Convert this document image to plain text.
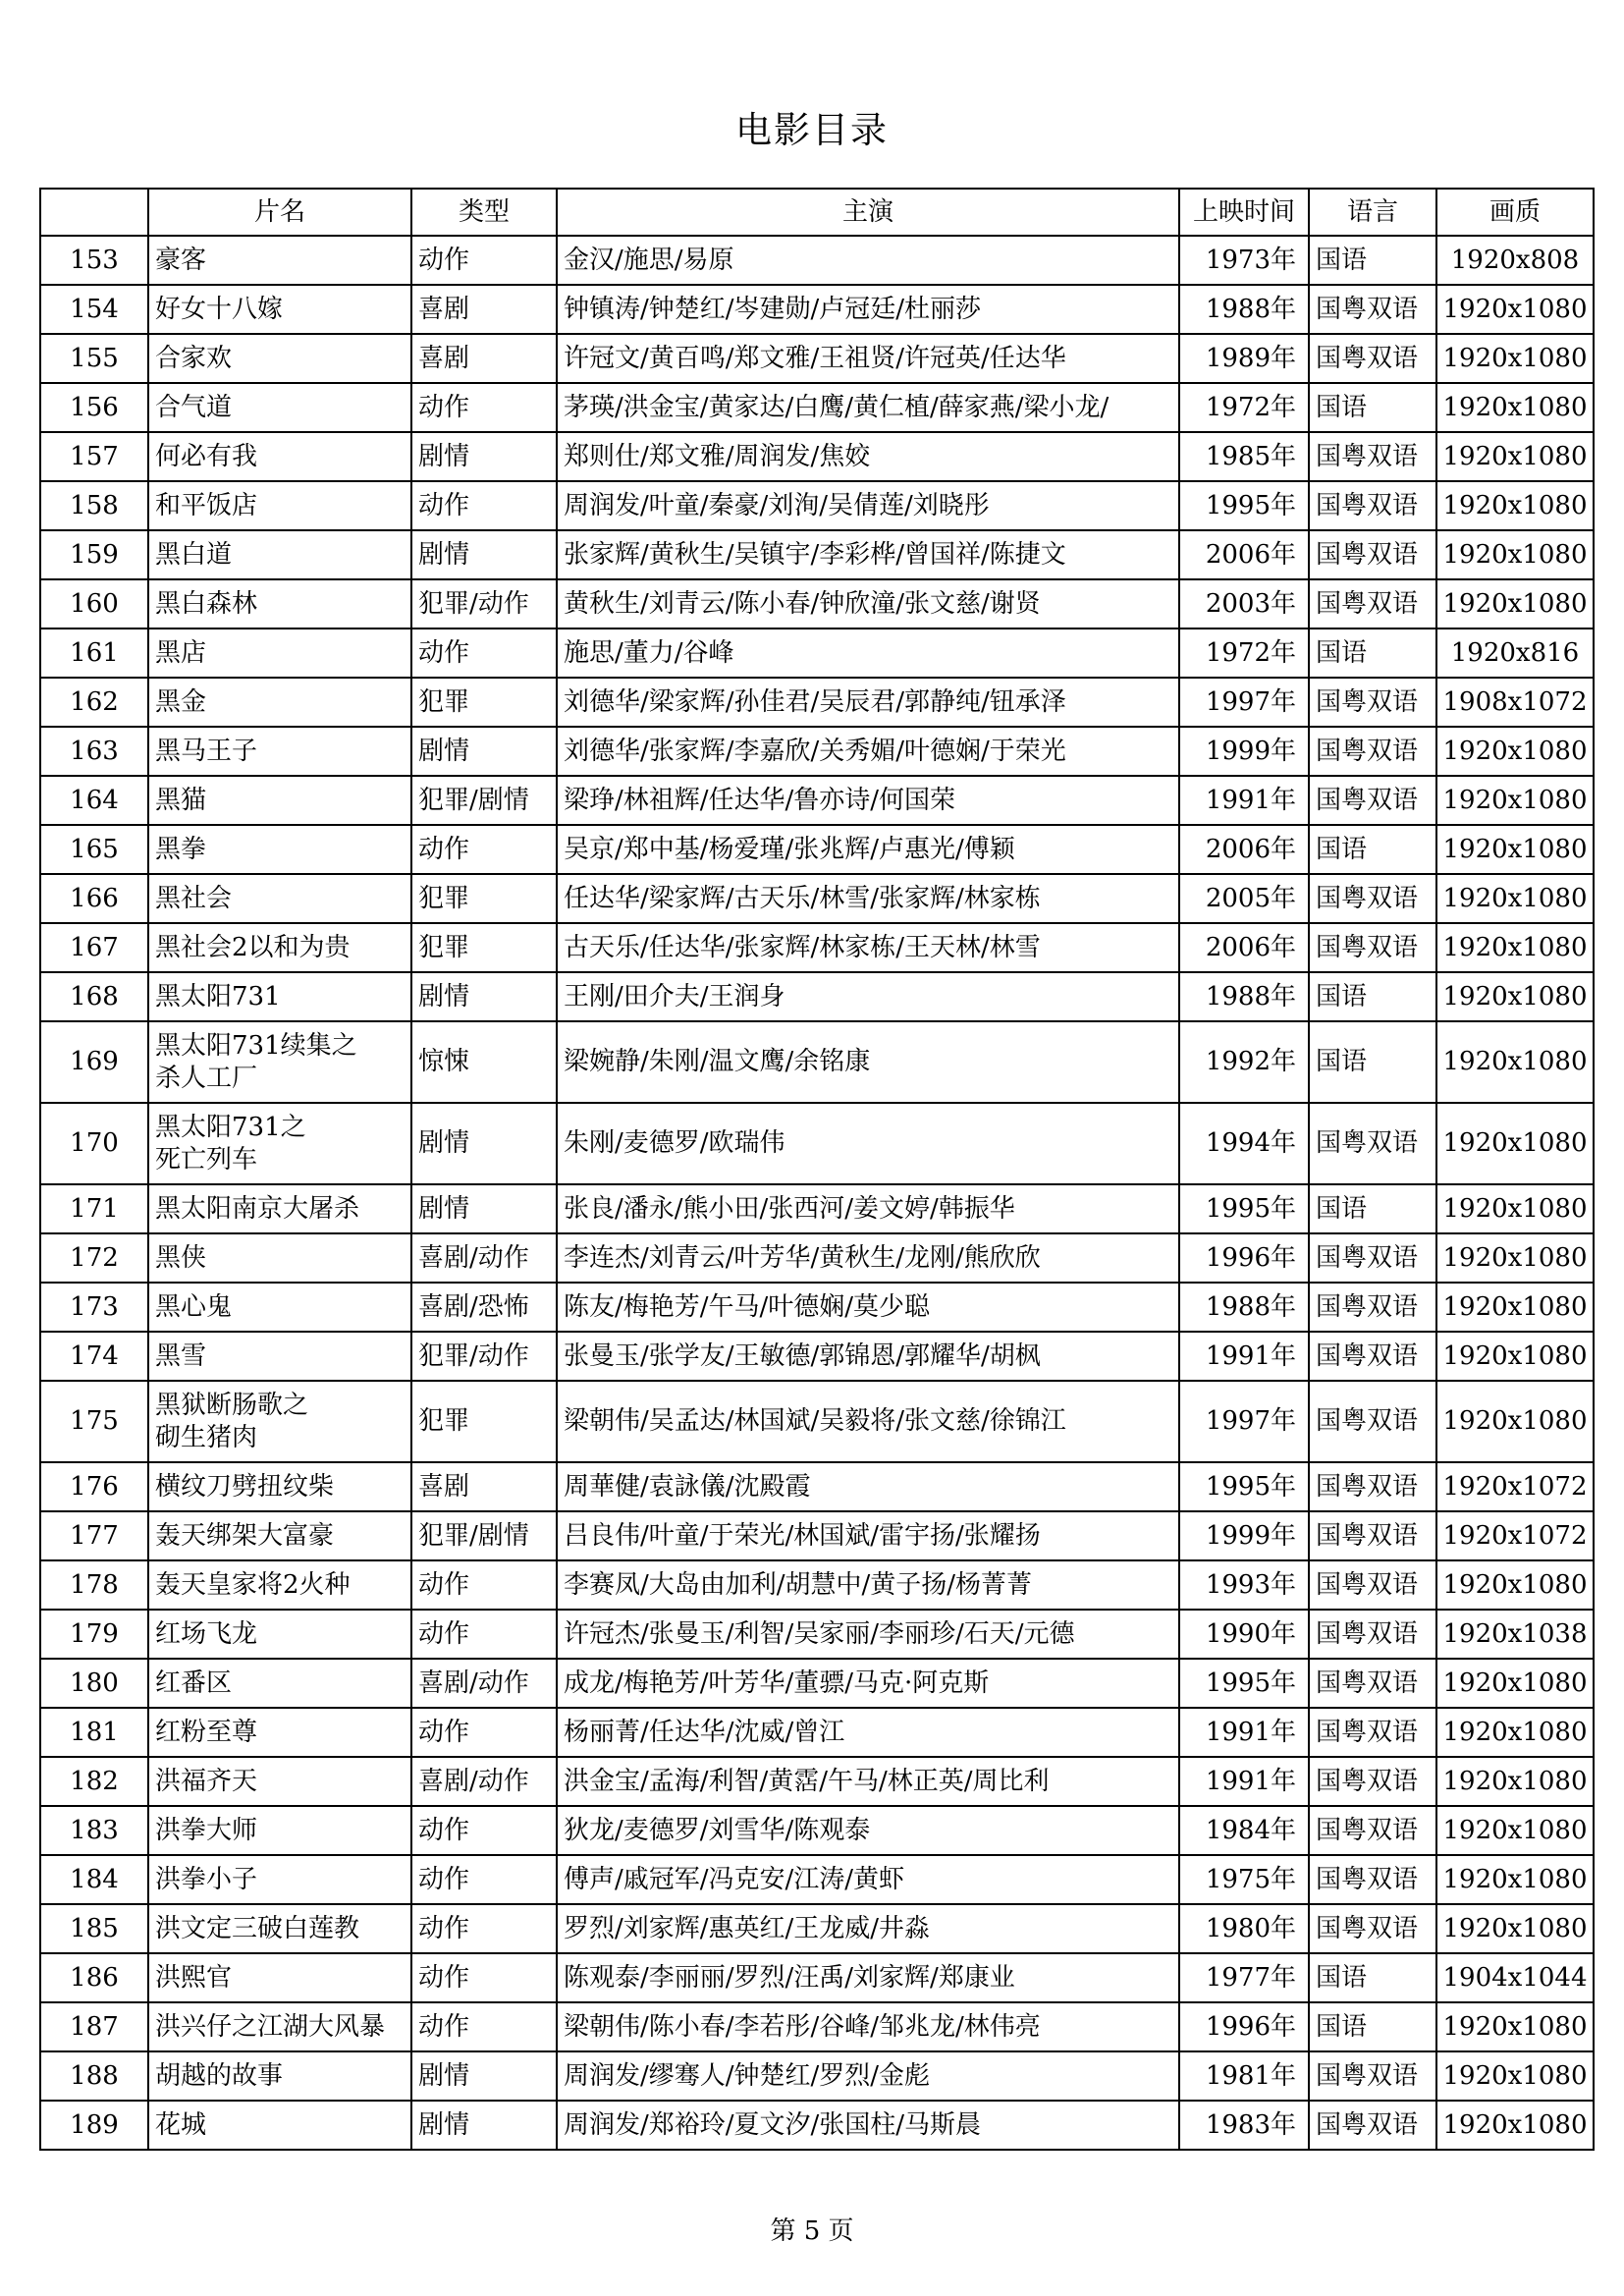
电影目录
	片名	类型	主演	上映时间	语言	画质
153	豪客	动作	金汉/施思/易原	1973年	国语	1920x808
154	好女十八嫁	喜剧	钟镇涛/钟楚红/岑建勋/卢冠廷/杜丽莎	1988年	国粤双语	1920x1080
155	合家欢	喜剧	许冠文/黄百鸣/郑文雅/王祖贤/许冠英/任达华	1989年	国粤双语	1920x1080
156	合气道	动作	茅瑛/洪金宝/黄家达/白鹰/黄仁植/薛家燕/梁小龙/	1972年	国语	1920x1080
157	何必有我	剧情	郑则仕/郑文雅/周润发/焦姣	1985年	国粤双语	1920x1080
158	和平饭店	动作	周润发/叶童/秦豪/刘洵/吴倩莲/刘晓彤	1995年	国粤双语	1920x1080
159	黑白道	剧情	张家辉/黄秋生/吴镇宇/李彩桦/曾国祥/陈捷文	2006年	国粤双语	1920x1080
160	黑白森林	犯罪/动作	黄秋生/刘青云/陈小春/钟欣潼/张文慈/谢贤	2003年	国粤双语	1920x1080
161	黑店	动作	施思/董力/谷峰	1972年	国语	1920x816
162	黑金	犯罪	刘德华/梁家辉/孙佳君/吴辰君/郭静纯/钮承泽	1997年	国粤双语	1908x1072
163	黑马王子	剧情	刘德华/张家辉/李嘉欣/关秀媚/叶德娴/于荣光	1999年	国粤双语	1920x1080
164	黑猫	犯罪/剧情	梁琤/林祖辉/任达华/鲁亦诗/何国荣	1991年	国粤双语	1920x1080
165	黑拳	动作	吴京/郑中基/杨爱瑾/张兆辉/卢惠光/傅颖	2006年	国语	1920x1080
166	黑社会	犯罪	任达华/梁家辉/古天乐/林雪/张家辉/林家栋	2005年	国粤双语	1920x1080
167	黑社会2以和为贵	犯罪	古天乐/任达华/张家辉/林家栋/王天林/林雪	2006年	国粤双语	1920x1080
168	黑太阳731	剧情	王刚/田介夫/王润身	1988年	国语	1920x1080
169	黑太阳731续集之
杀人工厂	惊悚	梁婉静/朱刚/温文鹰/余铭康	1992年	国语	1920x1080
170	黑太阳731之
死亡列车	剧情	朱刚/麦德罗/欧瑞伟	1994年	国粤双语	1920x1080
171	黑太阳南京大屠杀	剧情	张良/潘永/熊小田/张西河/姜文婷/韩振华	1995年	国语	1920x1080
172	黑侠	喜剧/动作	李连杰/刘青云/叶芳华/黄秋生/龙刚/熊欣欣	1996年	国粤双语	1920x1080
173	黑心鬼	喜剧/恐怖	陈友/梅艳芳/午马/叶德娴/莫少聪	1988年	国粤双语	1920x1080
174	黑雪	犯罪/动作	张曼玉/张学友/王敏德/郭锦恩/郭耀华/胡枫	1991年	国粤双语	1920x1080
175	黑狱断肠歌之
砌生猪肉	犯罪	梁朝伟/吴孟达/林国斌/吴毅将/张文慈/徐锦江	1997年	国粤双语	1920x1080
176	横纹刀劈扭纹柴	喜剧	周華健/袁詠儀/沈殿霞	1995年	国粤双语	1920x1072
177	轰天绑架大富豪	犯罪/剧情	吕良伟/叶童/于荣光/林国斌/雷宇扬/张耀扬	1999年	国粤双语	1920x1072
178	轰天皇家将2火种	动作	李赛凤/大岛由加利/胡慧中/黄子扬/杨菁菁	1993年	国粤双语	1920x1080
179	红场飞龙	动作	许冠杰/张曼玉/利智/吴家丽/李丽珍/石天/元德	1990年	国粤双语	1920x1038
180	红番区	喜剧/动作	成龙/梅艳芳/叶芳华/董骠/马克·阿克斯	1995年	国粤双语	1920x1080
181	红粉至尊	动作	杨丽菁/任达华/沈威/曾江	1991年	国粤双语	1920x1080
182	洪福齐天	喜剧/动作	洪金宝/孟海/利智/黄霑/午马/林正英/周比利	1991年	国粤双语	1920x1080
183	洪拳大师	动作	狄龙/麦德罗/刘雪华/陈观泰	1984年	国粤双语	1920x1080
184	洪拳小子	动作	傅声/戚冠军/冯克安/江涛/黄虾	1975年	国粤双语	1920x1080
185	洪文定三破白莲教	动作	罗烈/刘家辉/惠英红/王龙威/井淼	1980年	国粤双语	1920x1080
186	洪熙官	动作	陈观泰/李丽丽/罗烈/汪禹/刘家辉/郑康业	1977年	国语	1904x1044
187	洪兴仔之江湖大风暴	动作	梁朝伟/陈小春/李若彤/谷峰/邹兆龙/林伟亮	1996年	国语	1920x1080
188	胡越的故事	剧情	周润发/缪骞人/钟楚红/罗烈/金彪	1981年	国粤双语	1920x1080
189	花城	剧情	周润发/郑裕玲/夏文汐/张国柱/马斯晨	1983年	国粤双语	1920x1080
第 5 页
